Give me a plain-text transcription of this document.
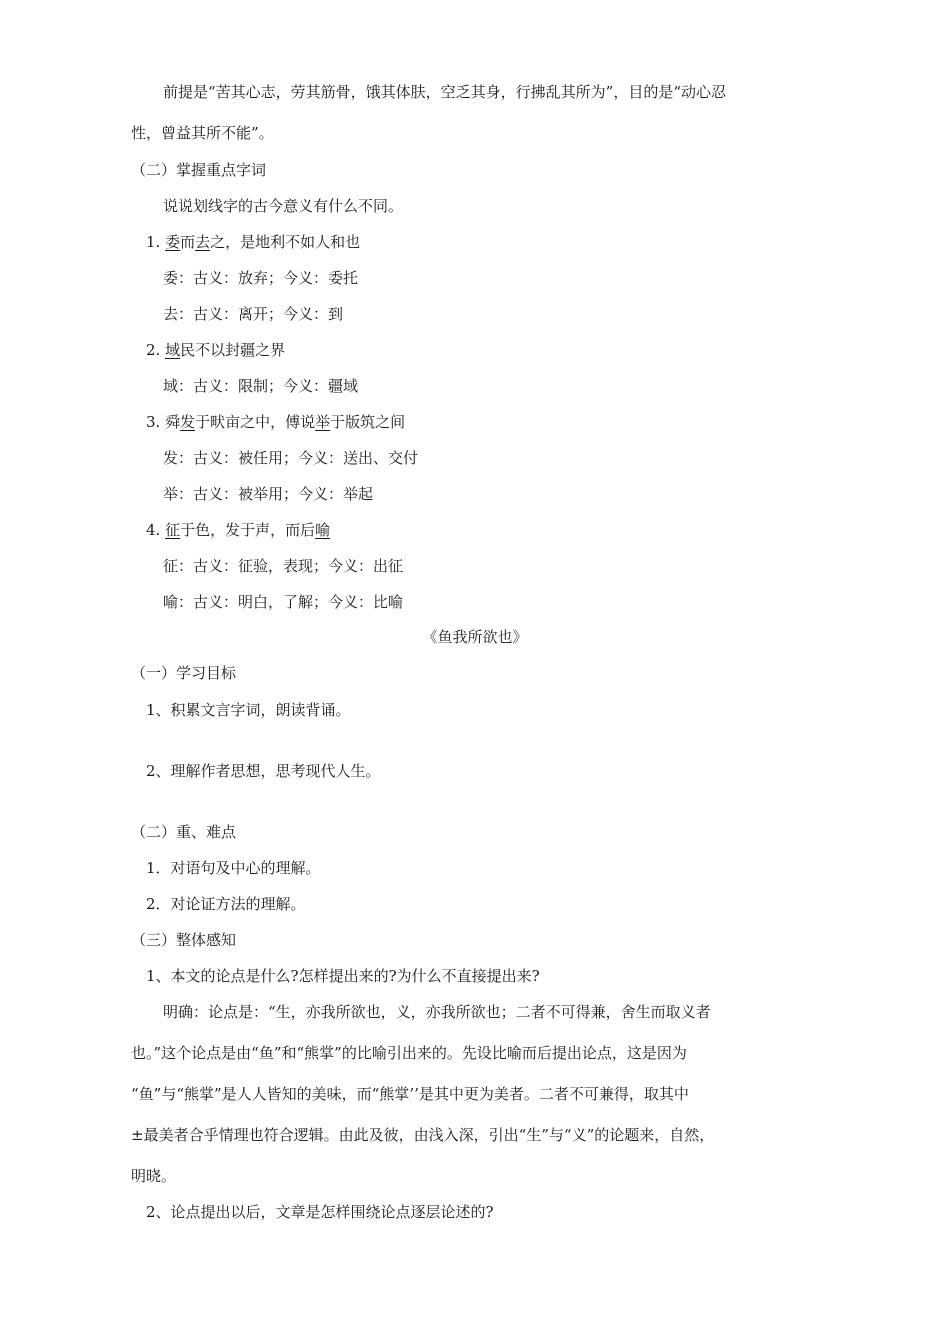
前提是“苦其心志，劳其筋骨，饿其体肤，空乏其身，行拂乱其所为”，目的是“动心忍
性，曾益其所不能”。
（二）掌握重点字词
说说划线字的古今意义有什么不同。
1. 委而去之，是地利不如人和也
委：古义：放弃；今义：委托
去：古义：离开；今义：到
2. 域民不以封疆之界
域：古义：限制；今义：疆域
3. 舜发于畎亩之中，傅说举于版筑之间
发：古义：被任用；今义：送出、交付
举：古义：被举用；今义：举起
4. 征于色，发于声，而后喻
征：古义：征验，表现；今义：出征
喻：古义：明白，了解；今义：比喻
《鱼我所欲也》
（一）学习目标
1、积累文言字词，朗读背诵。
2、理解作者思想，思考现代人生。
（二）重、难点
1．对语句及中心的理解。
2．对论证方法的理解。
（三）整体感知
1、本文的论点是什么?怎样提出来的?为什么不直接提出来?
明确：论点是：“生，亦我所欲也，义，亦我所欲也；二者不可得兼，舍生而取义者
也。”这个论点是由“鱼”和“熊掌”的比喻引出来的。先设比喻而后提出论点，这是因为
“鱼”与“熊掌”是人人皆知的美味，而“熊掌’’是其中更为美者。二者不可兼得，取其中
±最美者合乎情理也符合逻辑。由此及彼，由浅入深，引出“生”与“义”的论题来，自然，
明晓。
2、论点提出以后，文章是怎样围绕论点逐层论述的?
